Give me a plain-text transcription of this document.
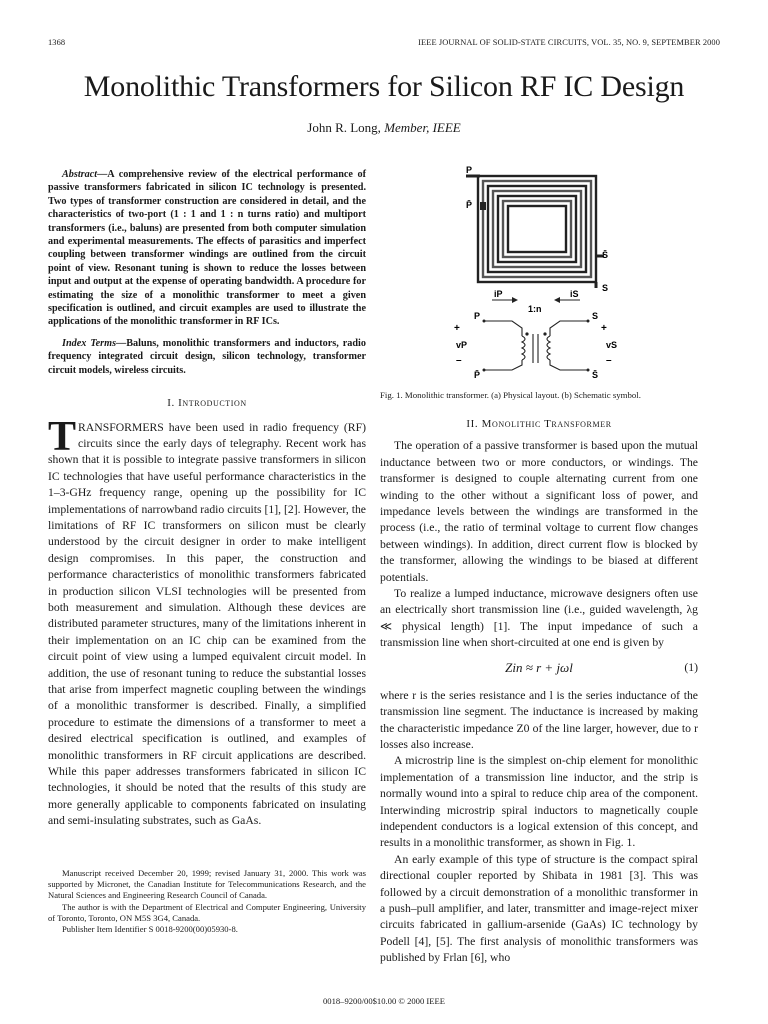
1368	IEEE JOURNAL OF SOLID-STATE CIRCUITS, VOL. 35, NO. 9, SEPTEMBER 2000
Monolithic Transformers for Silicon RF IC Design
John R. Long, Member, IEEE

Abstract—A comprehensive review of the electrical performance of passive transformers fabricated in silicon IC technology is presented. Two types of transformer construction are considered in detail, and the characteristics of two-port (1 : 1 and 1 : n turns ratio) and multiport transformers (i.e., baluns) are presented from both computer simulation and experimental measurements. The effects of parasitics and imperfect coupling between transformer windings are outlined from the circuit point of view. Resonant tuning is shown to reduce the losses between input and output at the expense of operating bandwidth. A procedure for estimating the size of a monolithic transformer to meet a given specification is outlined, and circuit examples are used to illustrate the applications of the monolithic transformer in RF ICs.

Index Terms—Baluns, monolithic transformers and inductors, radio frequency integrated circuit design, silicon technology, transformer circuit models, wireless circuits.

I. Introduction

TRANSFORMERS have been used in radio frequency (RF) circuits since the early days of telegraphy. Recent work has shown that it is possible to integrate passive transformers in silicon IC technologies that have useful performance characteristics in the 1–3-GHz frequency range, opening up the possibility for IC implementations of narrowband radio circuits [1], [2]. However, the limitations of RF IC transformers on silicon must be clearly understood by the circuit designer in order to make intelligent design compromises. In this paper, the construction and performance characteristics of monolithic transformers fabricated in production silicon VLSI technologies will be presented from both measurement and simulation. Although these devices are distributed parameter structures, many of the limitations inherent in their implementation on an IC chip can be examined from the circuit point of view using a lumped equivalent circuit model. In addition, the use of resonant tuning to reduce the substantial losses that arise from imperfect magnetic coupling between the windings of a monolithic transformer is described. Finally, a simplified procedure to estimate the dimensions of a transformer to meet a desired electrical specification is outlined, and examples of monolithic transformers in RF circuit applications are described. While this paper addresses transformers fabricated in silicon IC technologies, it should be noted that the results of this study are more generally applicable to components fabricated on insulating and semi-insulating substrates, such as GaAs.

Manuscript received December 20, 1999; revised January 31, 2000. This work was supported by Micronet, the Canadian Institute for Telecommunications Research, and the Natural Sciences and Engineering Research Council of Canada.

The author is with the Department of Electrical and Computer Engineering, University of Toronto, Toronto, ON M5S 3G4, Canada.

Publisher Item Identifier S 0018-9200(00)05930-8.

P
P̄
S̄
S
iP	iS
1:n
P	S
+	+
vP	vS
–	–
P̄	S̄
Fig. 1. Monolithic transformer. (a) Physical layout. (b) Schematic symbol.
II. Monolithic Transformer

The operation of a passive transformer is based upon the mutual inductance between two or more conductors, or windings. The transformer is designed to couple alternating current from one winding to the other without a significant loss of power, and impedance levels between the windings are transformed in the process (i.e., the ratio of terminal voltage to current flow changes between windings). In addition, direct current flow is blocked by the transformer, allowing the windings to be biased at different potentials.

To realize a lumped inductance, microwave designers often use an electrically short transmission line (i.e., guided wavelength, λg ≪ physical length) [1]. The input impedance of such a transmission line when short-circuited at one end is given by

Zin ≈ r + jωl	(1)

where r is the series resistance and l is the series inductance of the transmission line segment. The inductance is increased by making the characteristic impedance Z0 of the line larger, however, due to r losses also increase.

A microstrip line is the simplest on-chip element for monolithic implementation of a transmission line inductor, and the strip is normally wound into a spiral to reduce chip area of the component. Interwinding microstrip spiral inductors to magnetically couple independent conductors is a logical extension of this concept, and results in a monolithic transformer, as shown in Fig. 1.

An early example of this type of structure is the compact spiral directional coupler reported by Shibata in 1981 [3]. This was followed by a circuit demonstration of a monolithic transformer in a push–pull amplifier, and later, transmitter and image-reject mixer circuits fabricated in gallium-arsenide (GaAs) IC technology by Podell [4], [5]. The first analysis of monolithic transformers was published by Frlan [6], who

0018–9200/00$10.00 © 2000 IEEE
